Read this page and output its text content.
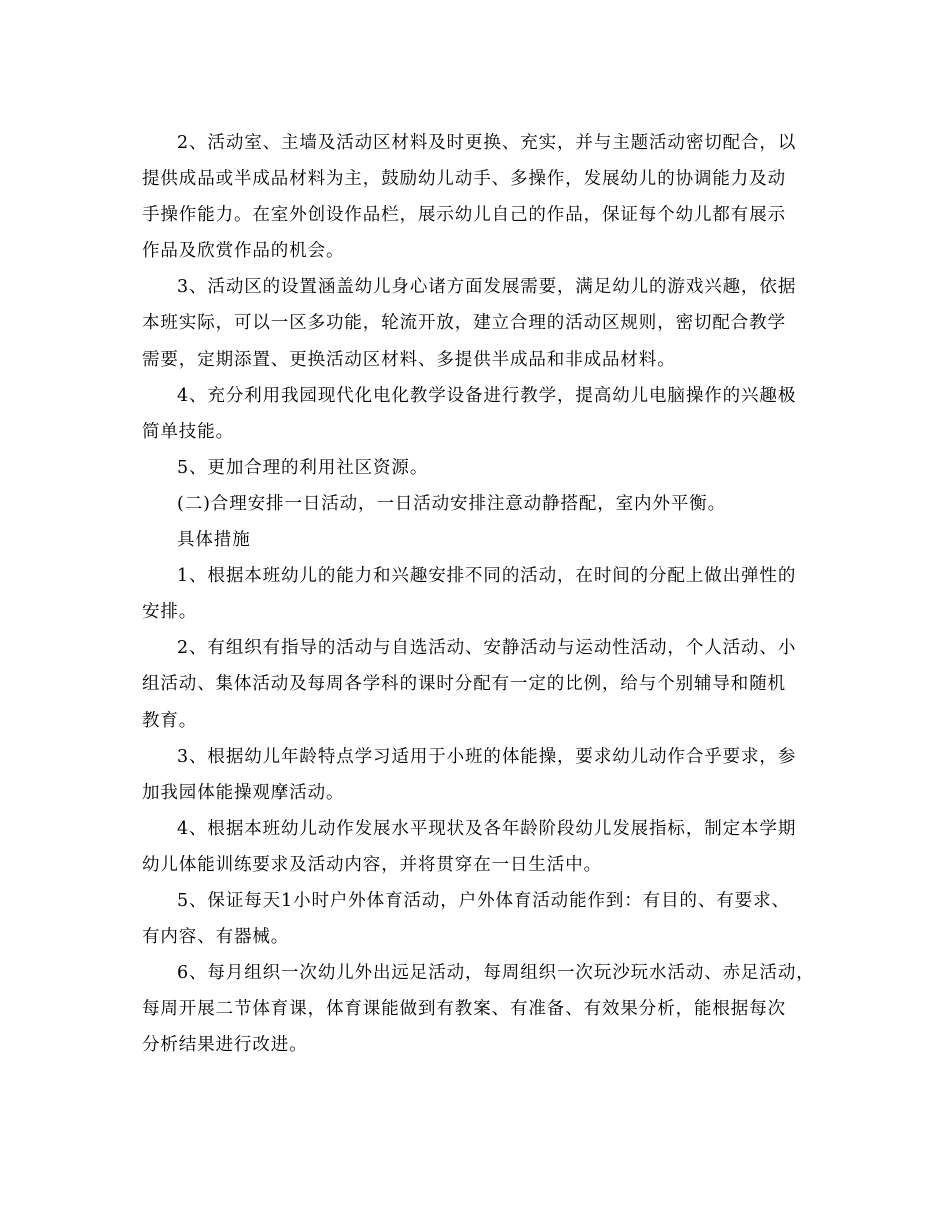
2、活动室、主墙及活动区材料及时更换、充实，并与主题活动密切配合，以
提供成品或半成品材料为主，鼓励幼儿动手、多操作，发展幼儿的协调能力及动
手操作能力。在室外创设作品栏，展示幼儿自己的作品，保证每个幼儿都有展示
作品及欣赏作品的机会。
3、活动区的设置涵盖幼儿身心诸方面发展需要，满足幼儿的游戏兴趣，依据
本班实际，可以一区多功能，轮流开放，建立合理的活动区规则，密切配合教学
需要，定期添置、更换活动区材料、多提供半成品和非成品材料。
4、充分利用我园现代化电化教学设备进行教学，提高幼儿电脑操作的兴趣极
简单技能。
5、更加合理的利用社区资源。
(二)合理安排一日活动，一日活动安排注意动静搭配，室内外平衡。
具体措施
1、根据本班幼儿的能力和兴趣安排不同的活动，在时间的分配上做出弹性的
安排。
2、有组织有指导的活动与自选活动、安静活动与运动性活动，个人活动、小
组活动、集体活动及每周各学科的课时分配有一定的比例，给与个别辅导和随机
教育。
3、根据幼儿年龄特点学习适用于小班的体能操，要求幼儿动作合乎要求，参
加我园体能操观摩活动。
4、根据本班幼儿动作发展水平现状及各年龄阶段幼儿发展指标，制定本学期
幼儿体能训练要求及活动内容，并将贯穿在一日生活中。
5、保证每天1小时户外体育活动，户外体育活动能作到：有目的、有要求、
有内容、有器械。
6、每月组织一次幼儿外出远足活动，每周组织一次玩沙玩水活动、赤足活动，
每周开展二节体育课，体育课能做到有教案、有准备、有效果分析，能根据每次
分析结果进行改进。
